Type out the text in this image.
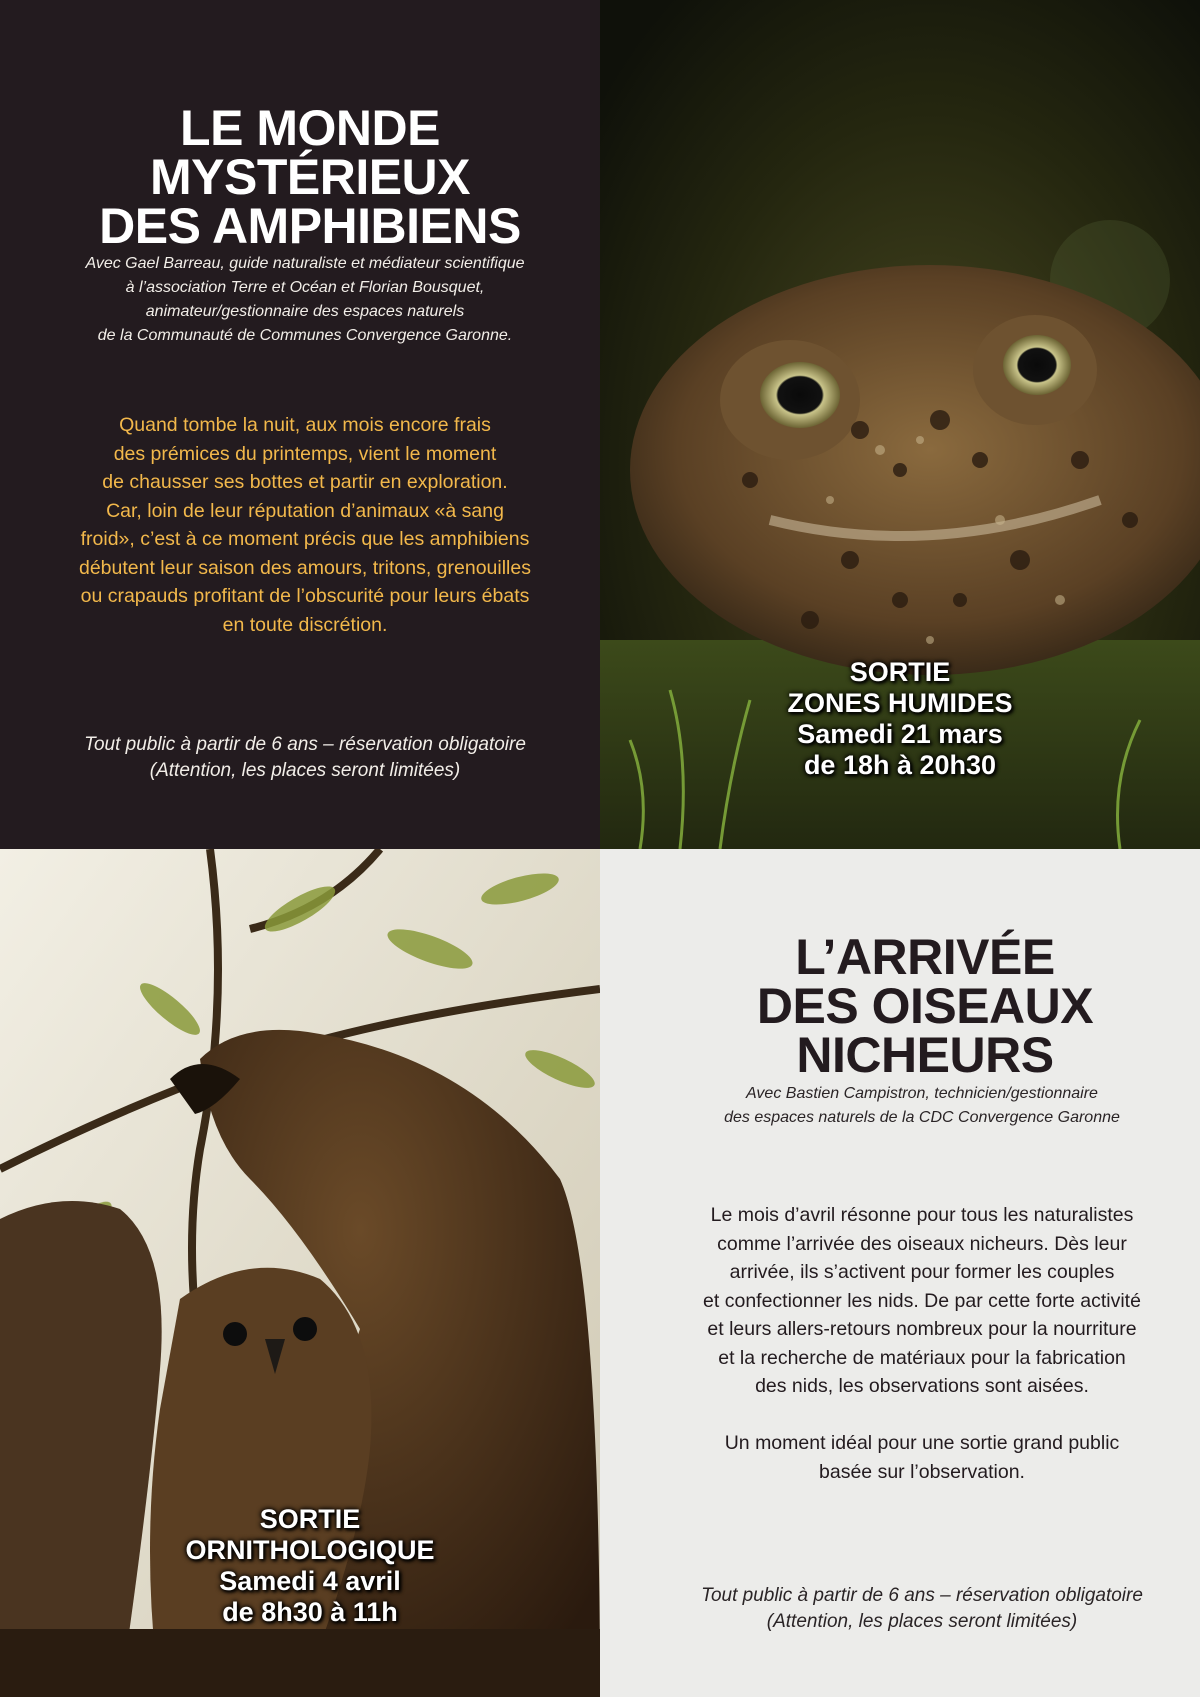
LE MONDE
MYSTÉRIEUX
DES AMPHIBIENS
Avec Gael Barreau, guide naturaliste et médiateur scientifique
à l’association Terre et Océan et Florian Bousquet,
animateur/gestionnaire des espaces naturels
de la Communauté de Communes Convergence Garonne.
Quand tombe la nuit, aux mois encore frais
des prémices du printemps, vient le moment
de chausser ses bottes et partir en exploration.
Car, loin de leur réputation d’animaux «à sang
froid», c’est à ce moment précis que les amphibiens
débutent leur saison des amours, tritons, grenouilles
ou crapauds profitant de l’obscurité pour leurs ébats
en toute discrétion.
Tout public à partir de 6 ans – réservation obligatoire
(Attention, les places seront limitées)
SORTIE
ZONES HUMIDES
Samedi 21 mars
de 18h à 20h30
SORTIE
ORNITHOLOGIQUE
Samedi 4 avril
de 8h30 à 11h
L’ARRIVÉE
DES OISEAUX
NICHEURS
Avec Bastien Campistron, technicien/gestionnaire
des espaces naturels de la CDC Convergence Garonne
Le mois d’avril résonne pour tous les naturalistes
comme l’arrivée des oiseaux nicheurs. Dès leur
arrivée, ils s’activent pour former les couples
et confectionner les nids. De par cette forte activité
et leurs allers-retours nombreux pour la nourriture
et la recherche de matériaux pour la fabrication
des nids, les observations sont aisées.

Un moment idéal pour une sortie grand public
basée sur l’observation.
Tout public à partir de 6 ans – réservation obligatoire
(Attention, les places seront limitées)
